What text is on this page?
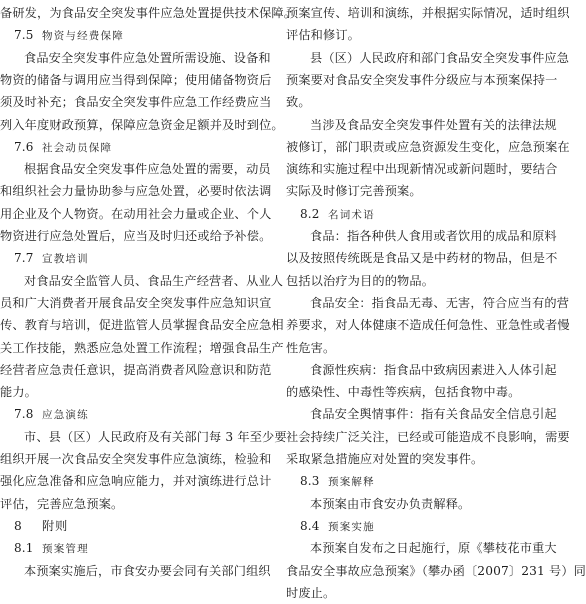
备研发，为食品安全突发事件应急处置提供技术保障。
7.5 物资与经费保障
食品安全突发事件应急处置所需设施、设备和
物资的储备与调用应当得到保障；使用储备物资后
须及时补充；食品安全突发事件应急工作经费应当
列入年度财政预算，保障应急资金足额并及时到位。
7.6 社会动员保障
根据食品安全突发事件应急处置的需要，动员
和组织社会力量协助参与应急处置，必要时依法调
用企业及个人物资。在动用社会力量或企业、个人
物资进行应急处置后，应当及时归还或给予补偿。
7.7 宣教培训
对食品安全监管人员、食品生产经营者、从业人
员和广大消费者开展食品安全突发事件应急知识宣
传、教育与培训，促进监管人员掌握食品安全应急相
关工作技能，熟悉应急处置工作流程；增强食品生产
经营者应急责任意识，提高消费者风险意识和防范
能力。
7.8 应急演练
市、县（区）人民政府及有关部门每 3 年至少要
组织开展一次食品安全突发事件应急演练，检验和
强化应急准备和应急响应能力，并对演练进行总计
评估，完善应急预案。
8 附则
8.1 预案管理
本预案实施后，市食安办要会同有关部门组织
预案宣传、培训和演练，并根据实际情况，适时组织
评估和修订。
县（区）人民政府和部门食品安全突发事件应急
预案要对食品安全突发事件分级应与本预案保持一
致。
当涉及食品安全突发事件处置有关的法律法规
被修订，部门职责或应急资源发生变化，应急预案在
演练和实施过程中出现新情况或新问题时，要结合
实际及时修订完善预案。
8.2 名词术语
食品：指各种供人食用或者饮用的成品和原料
以及按照传统既是食品又是中药材的物品，但是不
包括以治疗为目的的物品。
食品安全：指食品无毒、无害，符合应当有的营
养要求，对人体健康不造成任何急性、亚急性或者慢
性危害。
食源性疾病：指食品中致病因素进入人体引起
的感染性、中毒性等疾病，包括食物中毒。
食品安全舆情事件：指有关食品安全信息引起
社会持续广泛关注，已经或可能造成不良影响，需要
采取紧急措施应对处置的突发事件。
8.3 预案解释
本预案由市食安办负责解释。
8.4 预案实施
本预案自发布之日起施行，原《攀枝花市重大
食品安全事故应急预案》（攀办函〔2007〕231 号）同
时废止。
